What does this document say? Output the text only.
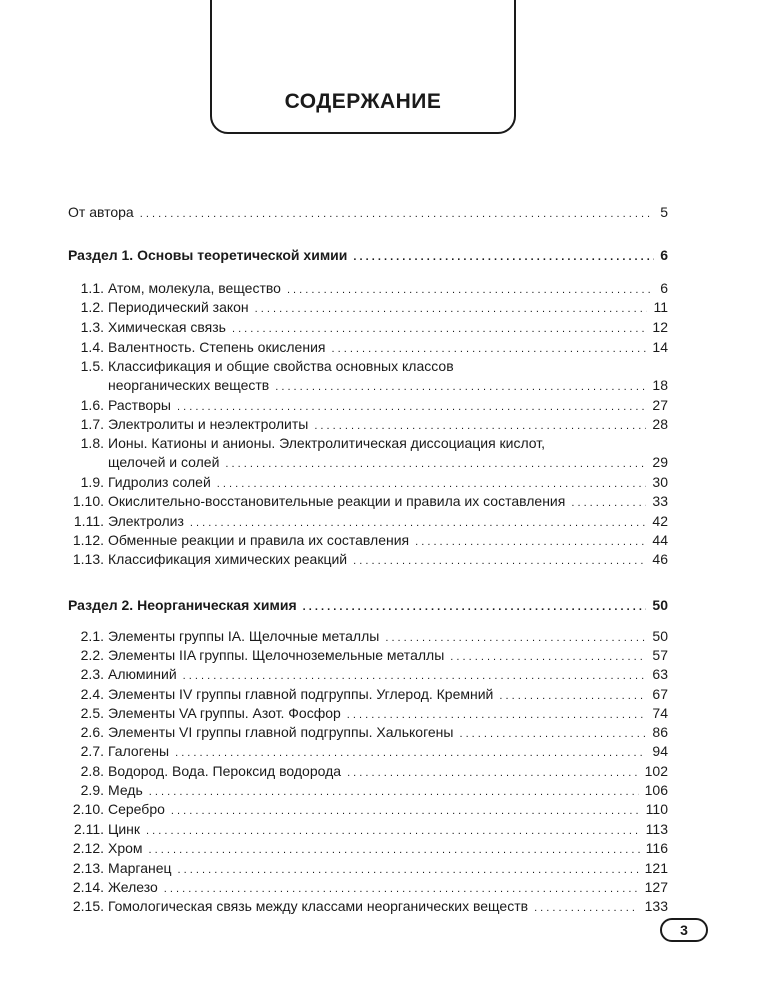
СОДЕРЖАНИЕ
От автора . . .	5
Раздел 1. Основы теоретической химии . . .	6
1.1. Атом, молекула, вещество . . .	6
1.2. Периодический закон . . .	11
1.3. Химическая связь . . .	12
1.4. Валентность. Степень окисления . . .	14
1.5. Классификация и общие свойства основных классов
неорганических веществ . . .	18
1.6. Растворы . . .	27
1.7. Электролиты и неэлектролиты . . .	28
1.8. Ионы. Катионы и анионы. Электролитическая диссоциация кислот,
щелочей и солей . . .	29
1.9. Гидролиз солей . . .	30
1.10. Окислительно-восстановительные реакции и правила их составления . . .	33
1.11. Электролиз . . .	42
1.12. Обменные реакции и правила их составления . . .	44
1.13. Классификация химических реакций . . .	46
Раздел 2. Неорганическая химия . . .	50
2.1. Элементы группы IA. Щелочные металлы . . .	50
2.2. Элементы IIA группы. Щелочноземельные металлы . . .	57
2.3. Алюминий . . .	63
2.4. Элементы IV группы главной подгруппы. Углерод. Кремний . . .	67
2.5. Элементы VA группы. Азот. Фосфор . . .	74
2.6. Элементы VI группы главной подгруппы. Халькогены . . .	86
2.7. Галогены . . .	94
2.8. Водород. Вода. Пероксид водорода . . .	102
2.9. Медь . . .	106
2.10. Серебро . . .	110
2.11. Цинк . . .	113
2.12. Хром . . .	116
2.13. Марганец . . .	121
2.14. Железо . . .	127
2.15. Гомологическая связь между классами неорганических веществ . . .	133
3
